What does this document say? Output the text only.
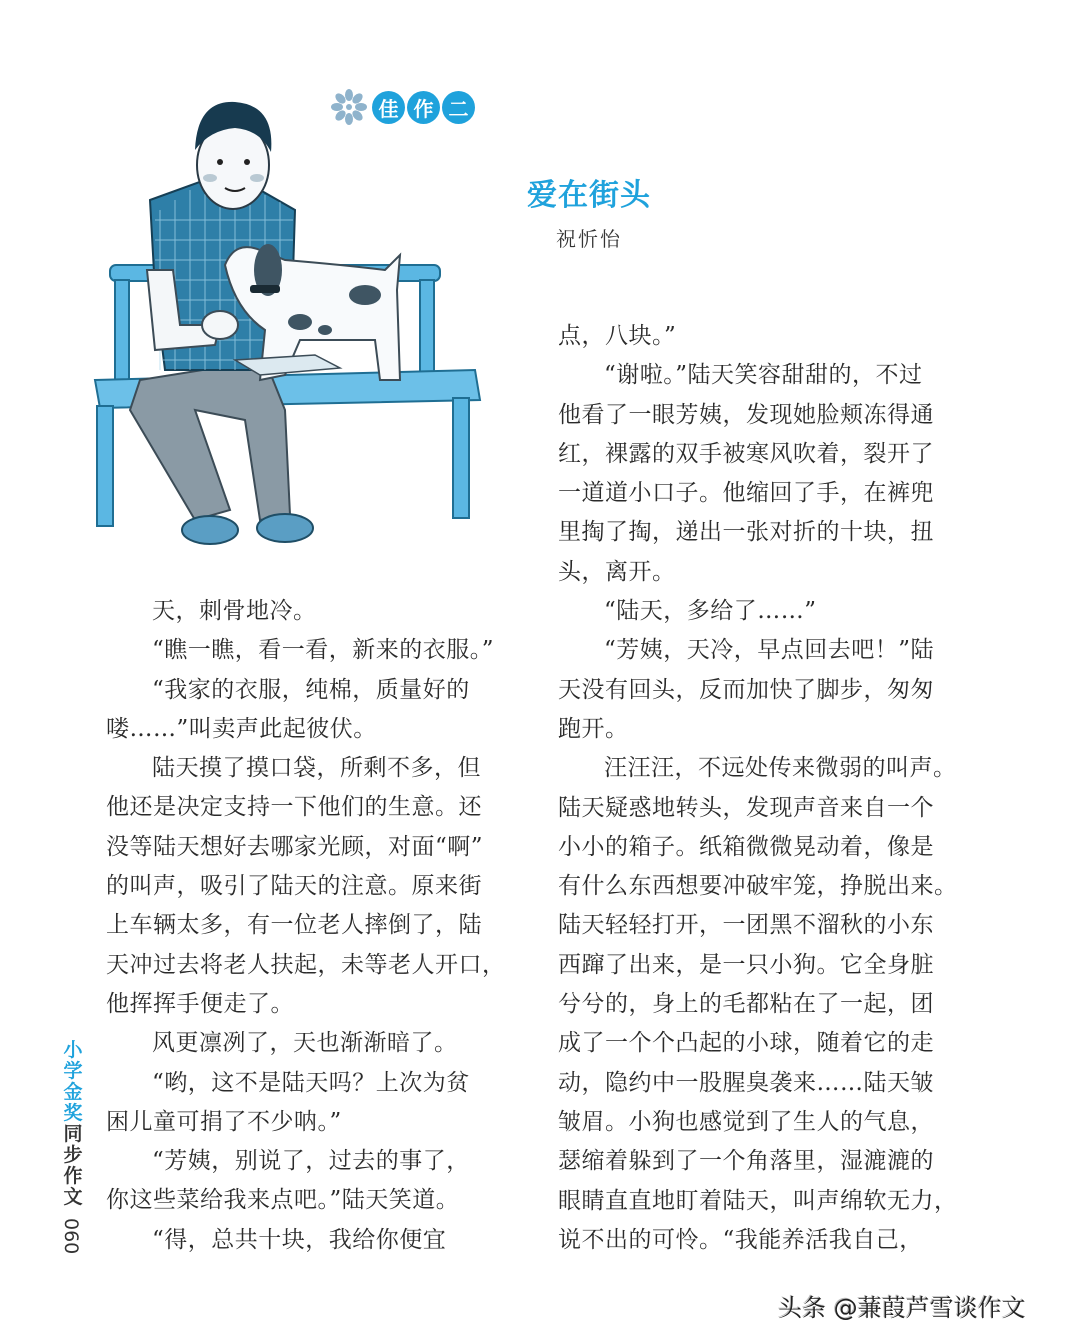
佳 作 二
爱在街头
祝忻怡
天，刺骨地冷。
“瞧一瞧，看一看，新来的衣服。”
“我家的衣服，纯棉，质量好的
喽……”叫卖声此起彼伏。
陆天摸了摸口袋，所剩不多，但
他还是决定支持一下他们的生意。还
没等陆天想好去哪家光顾，对面“啊”
的叫声，吸引了陆天的注意。原来街
上车辆太多，有一位老人摔倒了，陆
天冲过去将老人扶起，未等老人开口，
他挥挥手便走了。
风更凛冽了，天也渐渐暗了。
“哟，这不是陆天吗？上次为贫
困儿童可捐了不少呐。”
“芳姨，别说了，过去的事了，
你这些菜给我来点吧。”陆天笑道。
“得，总共十块，我给你便宜
点，八块。”
“谢啦。”陆天笑容甜甜的，不过
他看了一眼芳姨，发现她脸颊冻得通
红，裸露的双手被寒风吹着，裂开了
一道道小口子。他缩回了手，在裤兜
里掏了掏，递出一张对折的十块，扭
头，离开。
“陆天，多给了……”
“芳姨，天冷，早点回去吧！”陆
天没有回头，反而加快了脚步，匆匆
跑开。
汪汪汪，不远处传来微弱的叫声。
陆天疑惑地转头，发现声音来自一个
小小的箱子。纸箱微微晃动着，像是
有什么东西想要冲破牢笼，挣脱出来。
陆天轻轻打开，一团黑不溜秋的小东
西蹿了出来，是一只小狗。它全身脏
兮兮的，身上的毛都粘在了一起，团
成了一个个凸起的小球，随着它的走
动，隐约中一股腥臭袭来……陆天皱
皱眉。小狗也感觉到了生人的气息，
瑟缩着躲到了一个角落里，湿漉漉的
眼睛直直地盯着陆天，叫声绵软无力，
说不出的可怜。“我能养活我自己，
小
学
金
奖
同
步
作
文
060
头条 @蒹葭芦雪谈作文
